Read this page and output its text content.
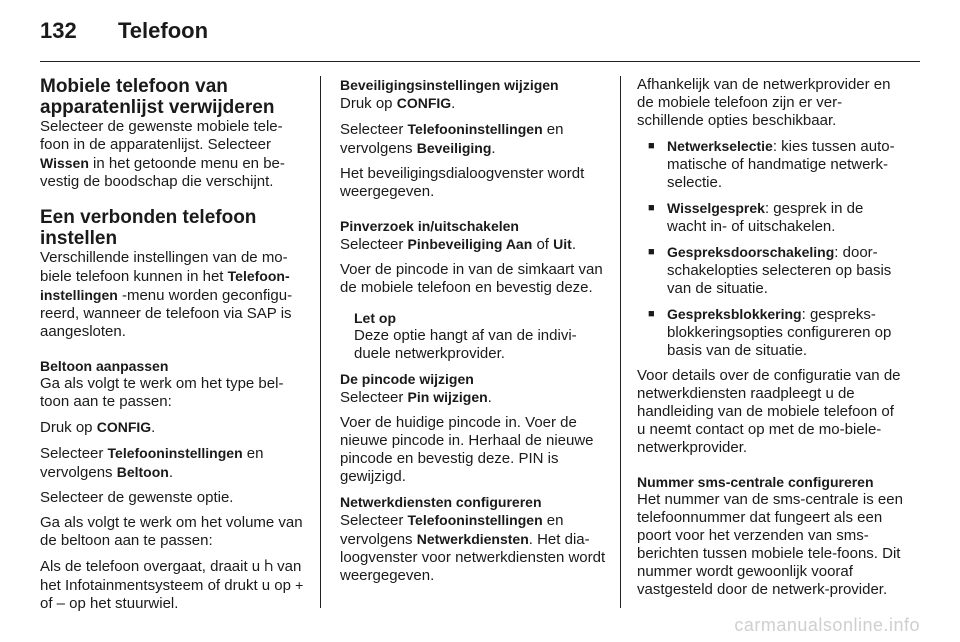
132	Telefoon
Mobiele telefoon van apparatenlijst verwijderen

Selecteer de gewenste mobiele tele-foon in de apparatenlijst. Selecteer
Wissen in het getoonde menu en be-vestig de boodschap die verschijnt.

Een verbonden telefoon instellen

Verschillende instellingen van de mo-biele telefoon kunnen in het Telefoon-instellingen -menu worden geconfigu-reerd, wanneer de telefoon via SAP is aangesloten.

Beltoon aanpassen

Ga als volgt te werk om het type bel-toon aan te passen:

Druk op CONFIG.

Selecteer Telefooninstellingen en vervolgens Beltoon.

Selecteer de gewenste optie.

Ga als volgt te werk om het volume van de beltoon aan te passen:

Als de telefoon overgaat, draait u Ⴙ van het Infotainmentsysteem of drukt u op + of – op het stuurwiel.

Beveiligingsinstellingen wijzigen

Druk op CONFIG.

Selecteer Telefooninstellingen en vervolgens Beveiliging.

Het beveiligingsdialoogvenster wordt weergegeven.

Pinverzoek in/uitschakelen

Selecteer Pinbeveiliging Aan of Uit.

Voer de pincode in van de simkaart van de mobiele telefoon en bevestig deze.

Let op

Deze optie hangt af van de indivi-duele netwerkprovider.

De pincode wijzigen

Selecteer Pin wijzigen.

Voer de huidige pincode in. Voer de nieuwe pincode in. Herhaal de nieuwe pincode en bevestig deze. PIN is gewijzigd.

Netwerkdiensten configureren

Selecteer Telefooninstellingen en vervolgens Netwerkdiensten. Het dia-loogvenster voor netwerkdiensten wordt weergegeven.

Afhankelijk van de netwerkprovider en de mobiele telefoon zijn er ver-schillende opties beschikbaar.

■ Netwerkselectie: kies tussen auto-matische of handmatige netwerk-selectie.
■ Wisselgesprek: gesprek in de wacht in- of uitschakelen.
■ Gespreksdoorschakeling: door-schakelopties selecteren op basis van de situatie.
■ Gespreksblokkering: gespreks-blokkeringsopties configureren op basis van de situatie.

Voor details over de configuratie van de netwerkdiensten raadpleegt u de handleiding van de mobiele telefoon of u neemt contact op met de mo-biele-netwerkprovider.

Nummer sms-centrale configureren

Het nummer van de sms-centrale is een telefoonnummer dat fungeert als een poort voor het verzenden van sms-berichten tussen mobiele tele-foons. Dit nummer wordt gewoonlijk vooraf vastgesteld door de netwerk-provider.

carmanualsonline.info
